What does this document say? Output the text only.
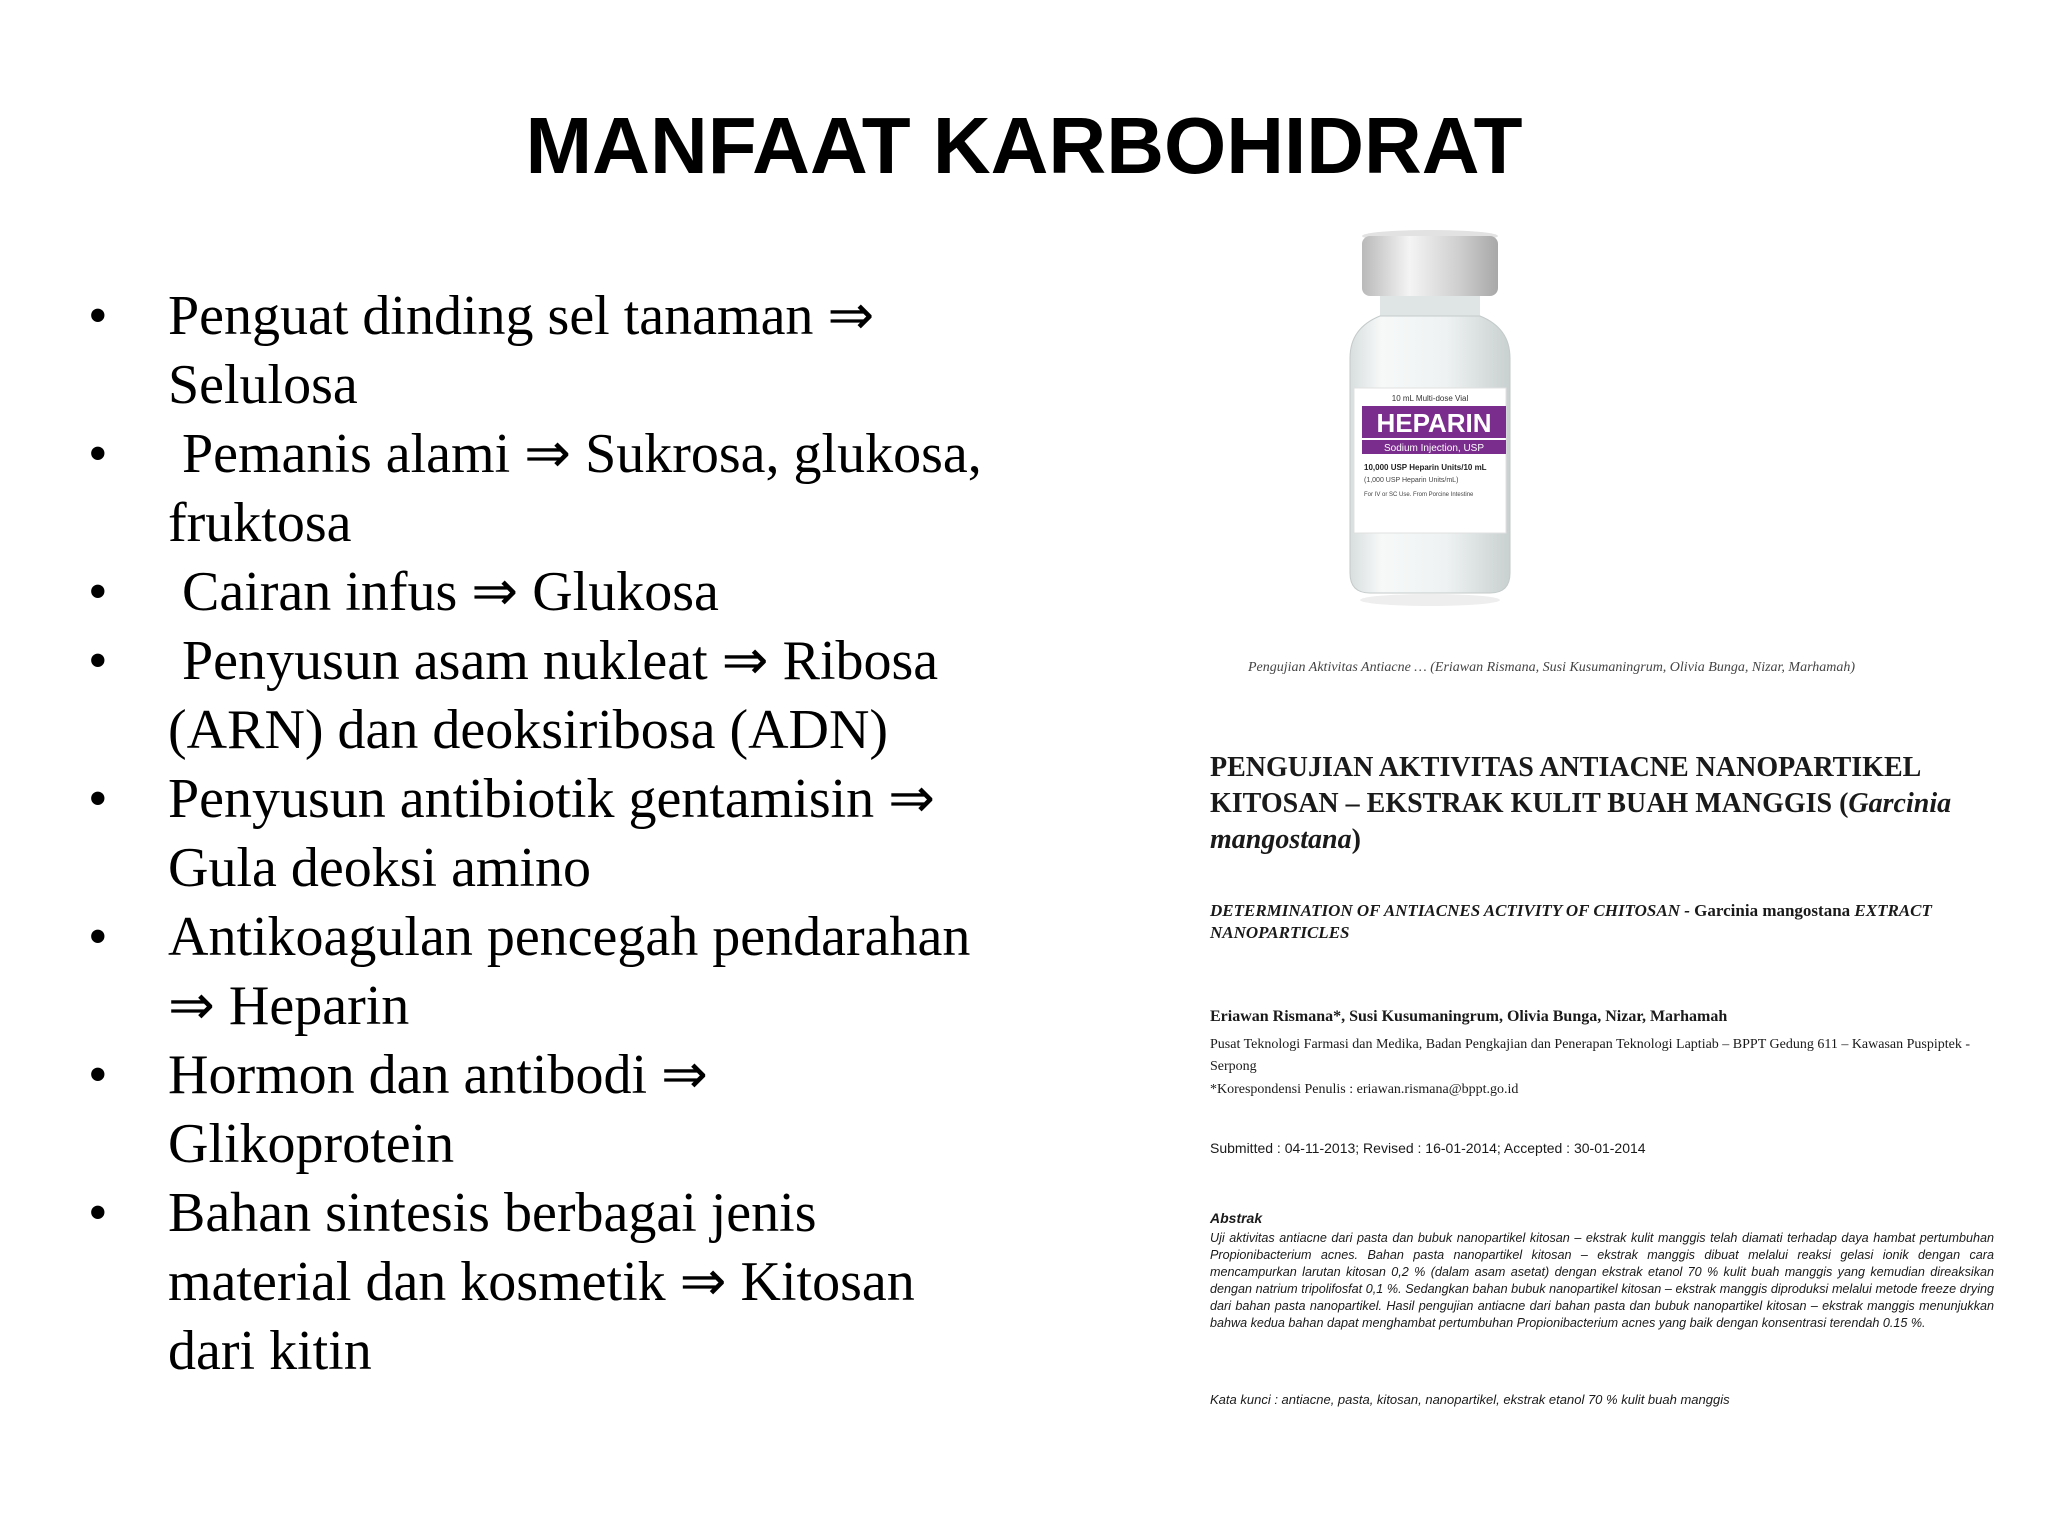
MANFAAT KARBOHIDRAT
• Penguat dinding sel tanaman ⇒
Selulosa
• Pemanis alami ⇒ Sukrosa, glukosa,
fruktosa
• Cairan infus ⇒ Glukosa
• Penyusun asam nukleat ⇒ Ribosa
(ARN) dan deoksiribosa (ADN)
• Penyusun antibiotik gentamisin ⇒
Gula deoksi amino
• Antikoagulan pencegah pendarahan
⇒ Heparin
• Hormon dan antibodi ⇒
Glikoprotein
• Bahan sintesis berbagai jenis
material dan kosmetik ⇒ Kitosan
dari kitin
10 mL Multi-dose Vial
HEPARIN
Sodium Injection, USP
10,000 USP Heparin Units/10 mL
(1,000 USP Heparin Units/mL)
For IV or SC Use. From Porcine Intestine
Pengujian Aktivitas Antiacne … (Eriawan Rismana, Susi Kusumaningrum, Olivia Bunga, Nizar, Marhamah)
PENGUJIAN AKTIVITAS ANTIACNE NANOPARTIKEL KITOSAN – EKSTRAK KULIT BUAH MANGGIS (Garcinia mangostana)
DETERMINATION OF ANTIACNES ACTIVITY OF CHITOSAN - Garcinia mangostana EXTRACT NANOPARTICLES
Eriawan Rismana*, Susi Kusumaningrum, Olivia Bunga, Nizar, Marhamah
Pusat Teknologi Farmasi dan Medika, Badan Pengkajian dan Penerapan Teknologi Laptiab – BPPT Gedung 611 – Kawasan Puspiptek - Serpong
*Korespondensi Penulis : eriawan.rismana@bppt.go.id
Submitted : 04-11-2013; Revised : 16-01-2014; Accepted : 30-01-2014
Abstrak
Uji aktivitas antiacne dari pasta dan bubuk nanopartikel kitosan – ekstrak kulit manggis telah diamati terhadap daya hambat pertumbuhan Propionibacterium acnes. Bahan pasta nanopartikel kitosan – ekstrak manggis dibuat melalui reaksi gelasi ionik dengan cara mencampurkan larutan kitosan 0,2 % (dalam asam asetat) dengan ekstrak etanol 70 % kulit buah manggis yang kemudian direaksikan dengan natrium tripolifosfat 0,1 %. Sedangkan bahan bubuk nanopartikel kitosan – ekstrak manggis diproduksi melalui metode freeze drying dari bahan pasta nanopartikel. Hasil pengujian antiacne dari bahan pasta dan bubuk nanopartikel kitosan – ekstrak manggis menunjukkan bahwa kedua bahan dapat menghambat pertumbuhan Propionibacterium acnes yang baik dengan konsentrasi terendah 0.15 %.
Kata kunci : antiacne, pasta, kitosan, nanopartikel, ekstrak etanol 70 % kulit buah manggis
